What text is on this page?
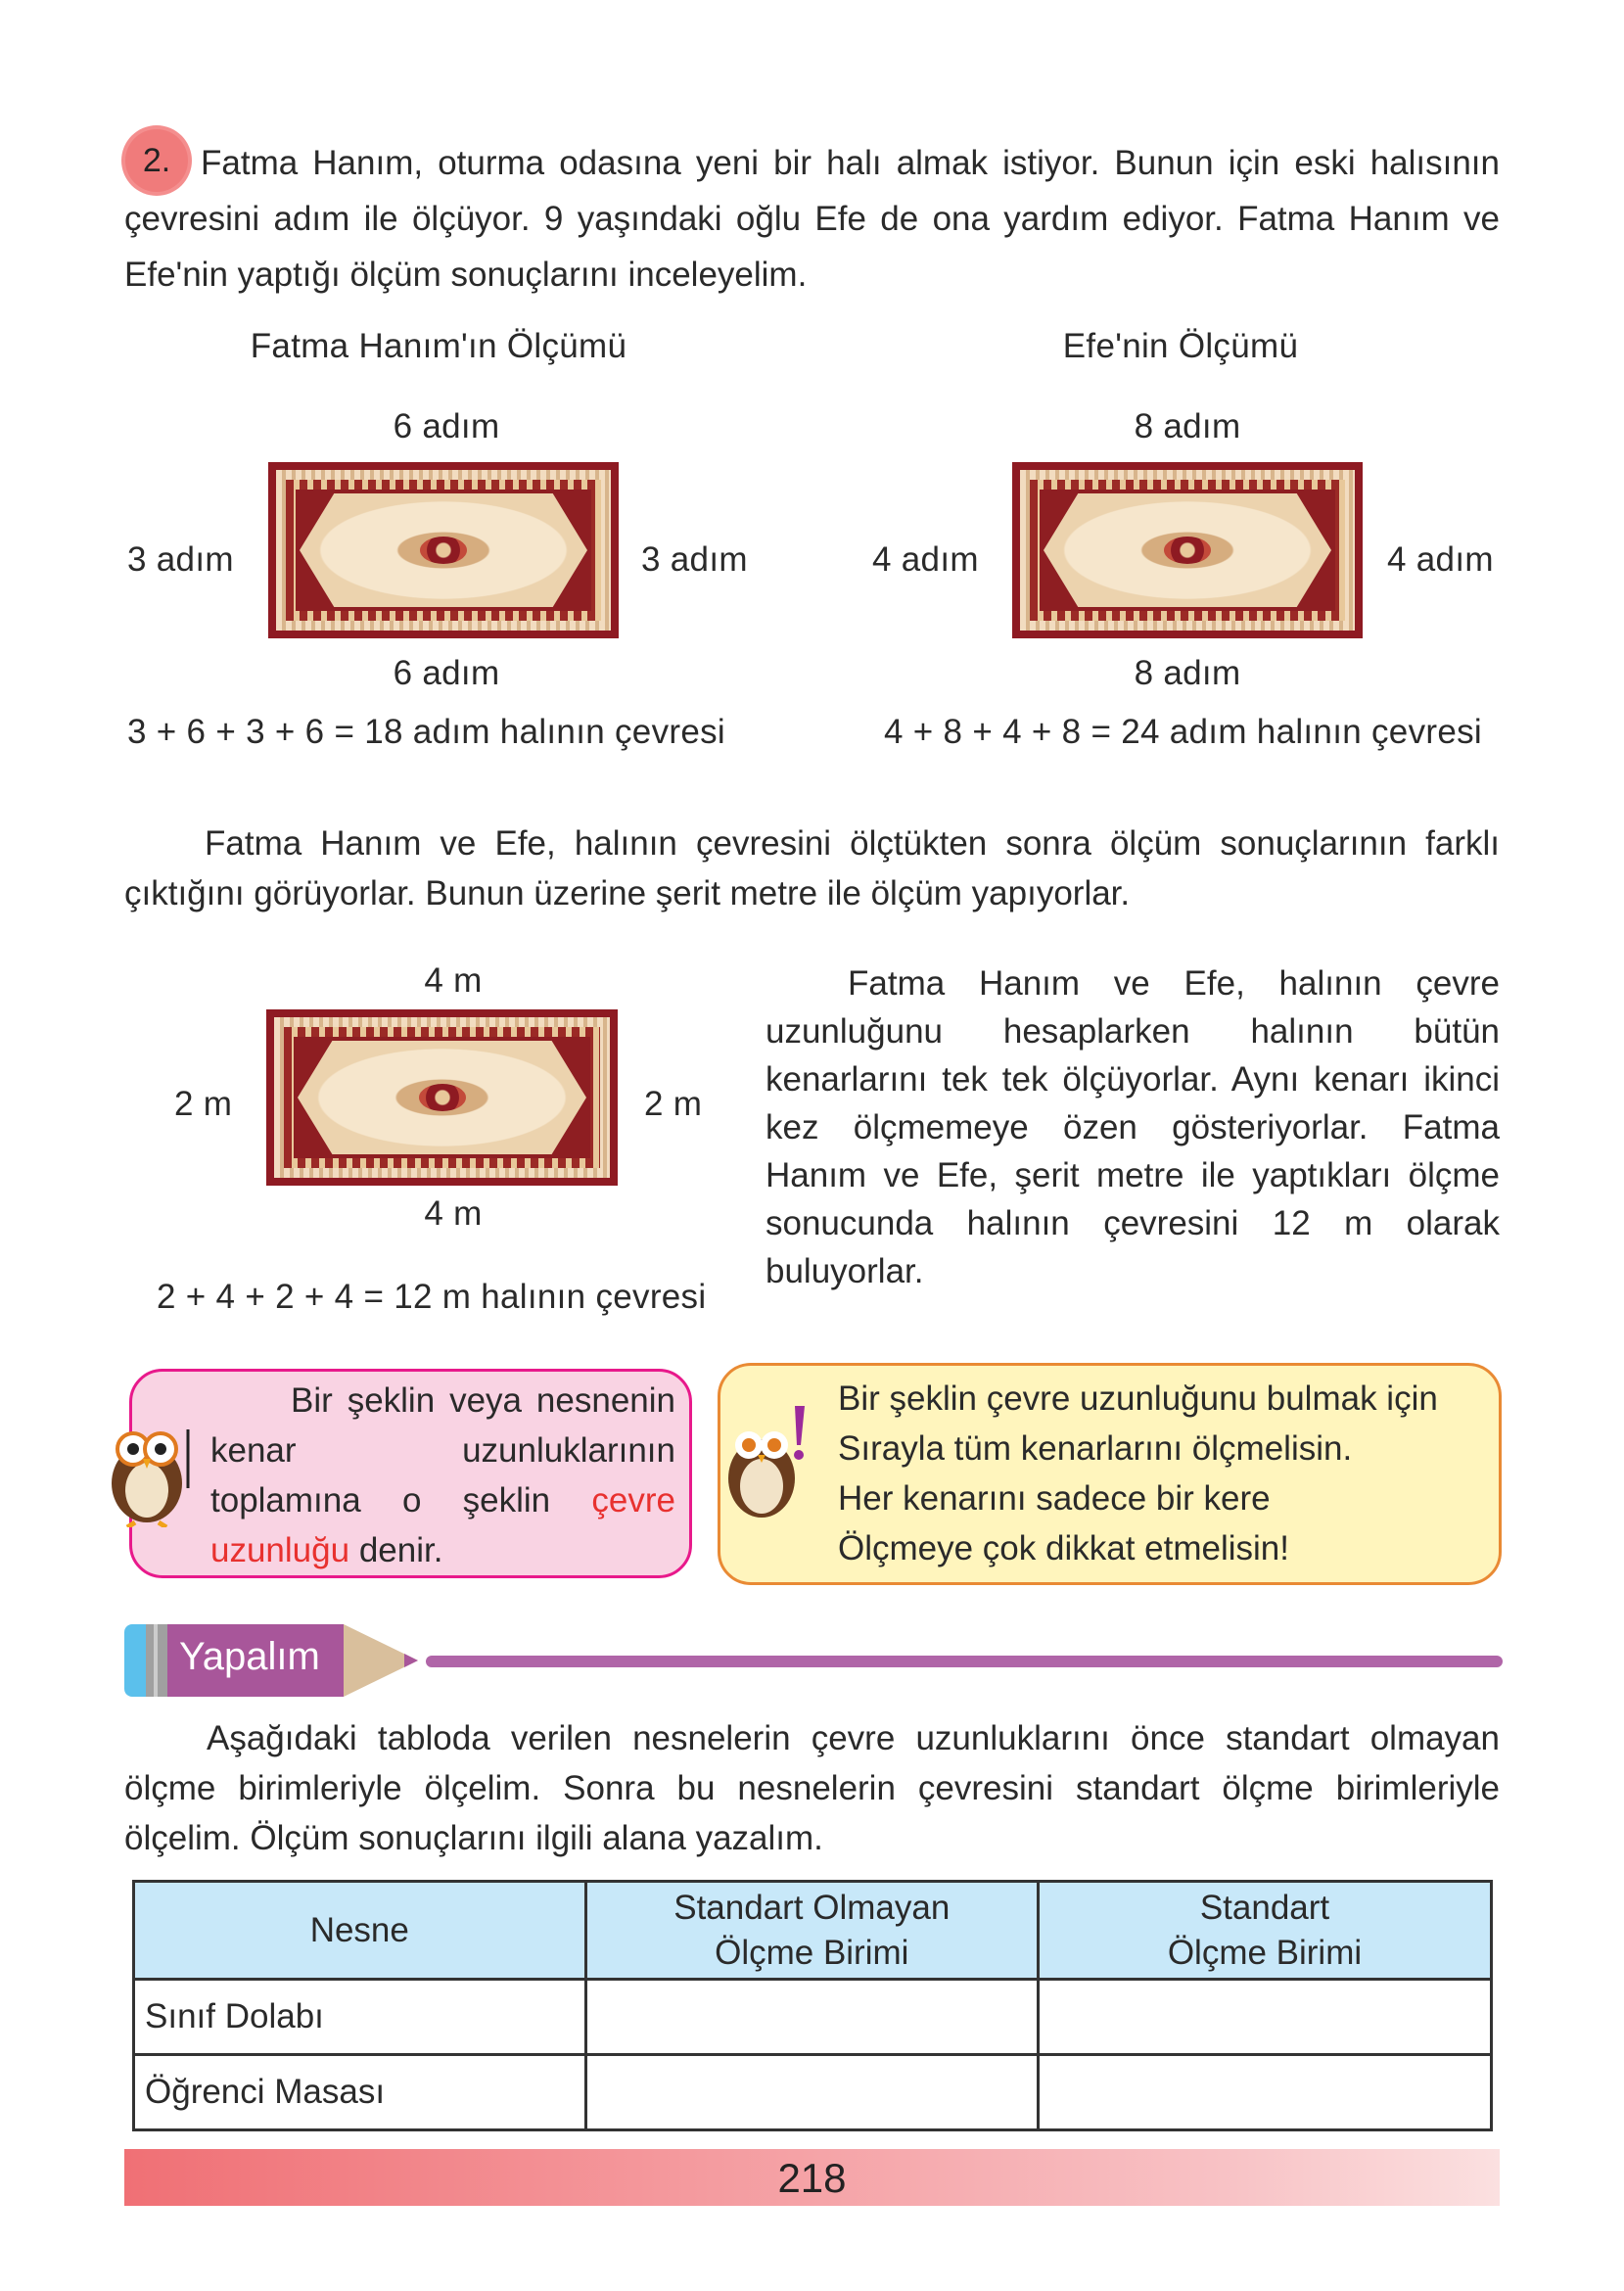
2. Fatma Hanım, oturma odasına yeni bir halı almak istiyor. Bunun için eski halısının çevresini adım ile ölçüyor. 9 yaşındaki oğlu Efe de ona yardım ediyor. Fatma Hanım ve Efe'nin yaptığı ölçüm sonuçlarını inceleyelim.
Fatma Hanım'ın Ölçümü
6 adım
3 adım	3 adım
6 adım
3 + 6 + 3 + 6 = 18 adım halının çevresi
Efe'nin Ölçümü
8 adım
4 adım	4 adım
8 adım
4 + 8 + 4 + 8 = 24 adım halının çevresi
Fatma Hanım ve Efe, halının çevresini ölçtükten sonra ölçüm sonuçlarının farklı çıktığını görüyorlar. Bunun üzerine şerit metre ile ölçüm yapıyorlar.
4 m
2 m	2 m
4 m
2 + 4 + 2 + 4 = 12 m halının çevresi
Fatma Hanım ve Efe, halının çevre uzunluğunu hesaplarken halının bütün kenarlarını tek tek ölçüyorlar. Aynı kenarı ikinci kez ölçmemeye özen gösteriyorlar. Fatma Hanım ve Efe, şerit metre ile yaptıkları ölçme sonucunda halının çevresini 12 m olarak buluyorlar.
Bir şeklin veya nesnenin kenar uzunluklarının toplamına o şeklin çevre uzunluğu denir.
Bir şeklin çevre uzunluğunu bulmak için
Sırayla tüm kenarlarını ölçmelisin.
Her kenarını sadece bir kere
Ölçmeye çok dikkat etmelisin!
Yapalım
Aşağıdaki tabloda verilen nesnelerin çevre uzunluklarını önce standart olmayan ölçme birimleriyle ölçelim. Sonra bu nesnelerin çevresini standart ölçme birimleriyle ölçelim. Ölçüm sonuçlarını ilgili alana yazalım.
Nesne	Standart Olmayan Ölçme Birimi	Standart Ölçme Birimi
Sınıf Dolabı		
Öğrenci Masası		
218
